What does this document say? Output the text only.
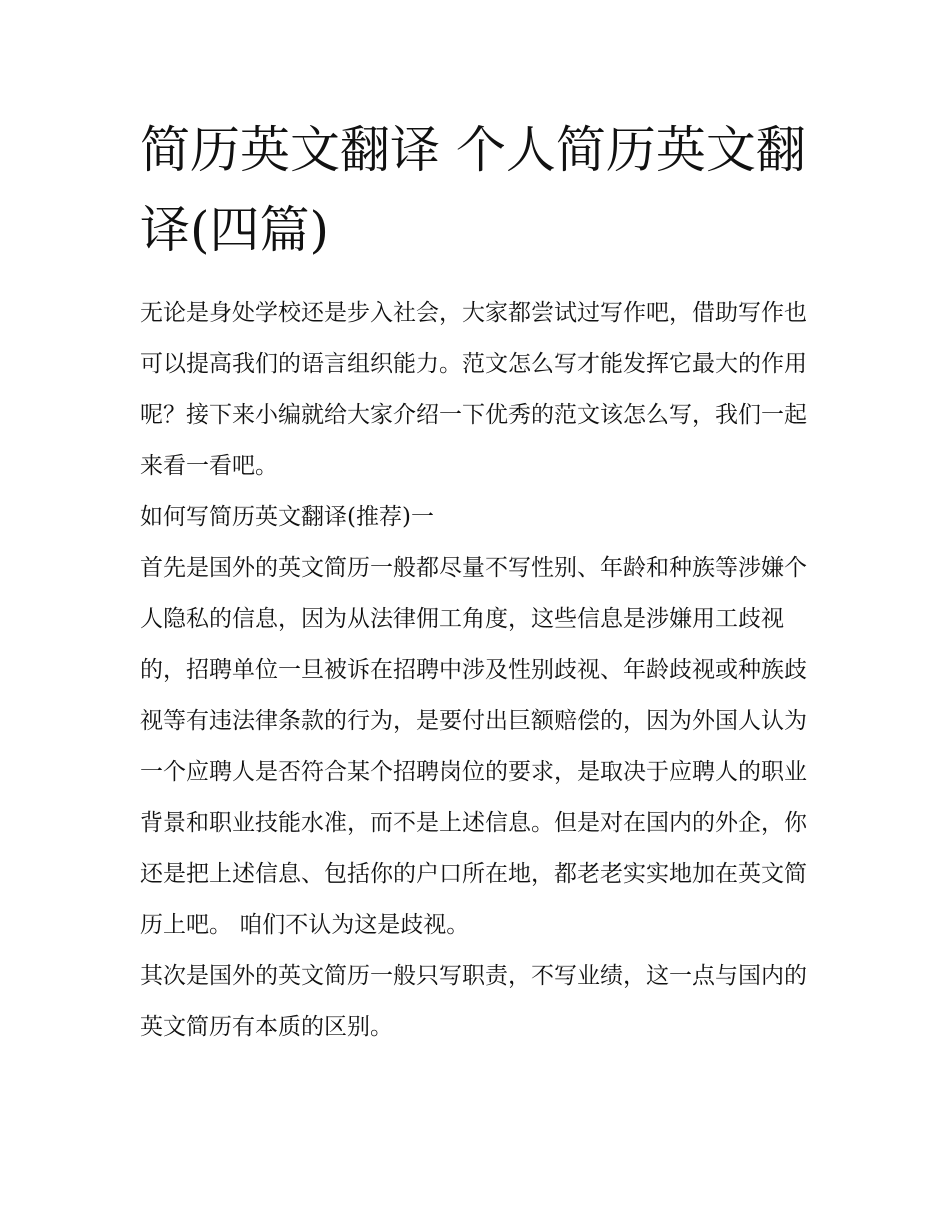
简历英文翻译 个人简历英文翻译(四篇)

无论是身处学校还是步入社会，大家都尝试过写作吧，借助写作也可以提高我们的语言组织能力。范文怎么写才能发挥它最大的作用呢？接下来小编就给大家介绍一下优秀的范文该怎么写，我们一起来看一看吧。

如何写简历英文翻译(推荐)一

首先是国外的英文简历一般都尽量不写性别、年龄和种族等涉嫌个人隐私的信息，因为从法律佣工角度，这些信息是涉嫌用工歧视的，招聘单位一旦被诉在招聘中涉及性别歧视、年龄歧视或种族歧视等有违法律条款的行为，是要付出巨额赔偿的，因为外国人认为一个应聘人是否符合某个招聘岗位的要求，是取决于应聘人的职业背景和职业技能水准，而不是上述信息。但是对在国内的外企，你还是把上述信息、包括你的户口所在地，都老老实实地加在英文简历上吧。 咱们不认为这是歧视。

其次是国外的英文简历一般只写职责，不写业绩，这一点与国内的英文简历有本质的区别。
